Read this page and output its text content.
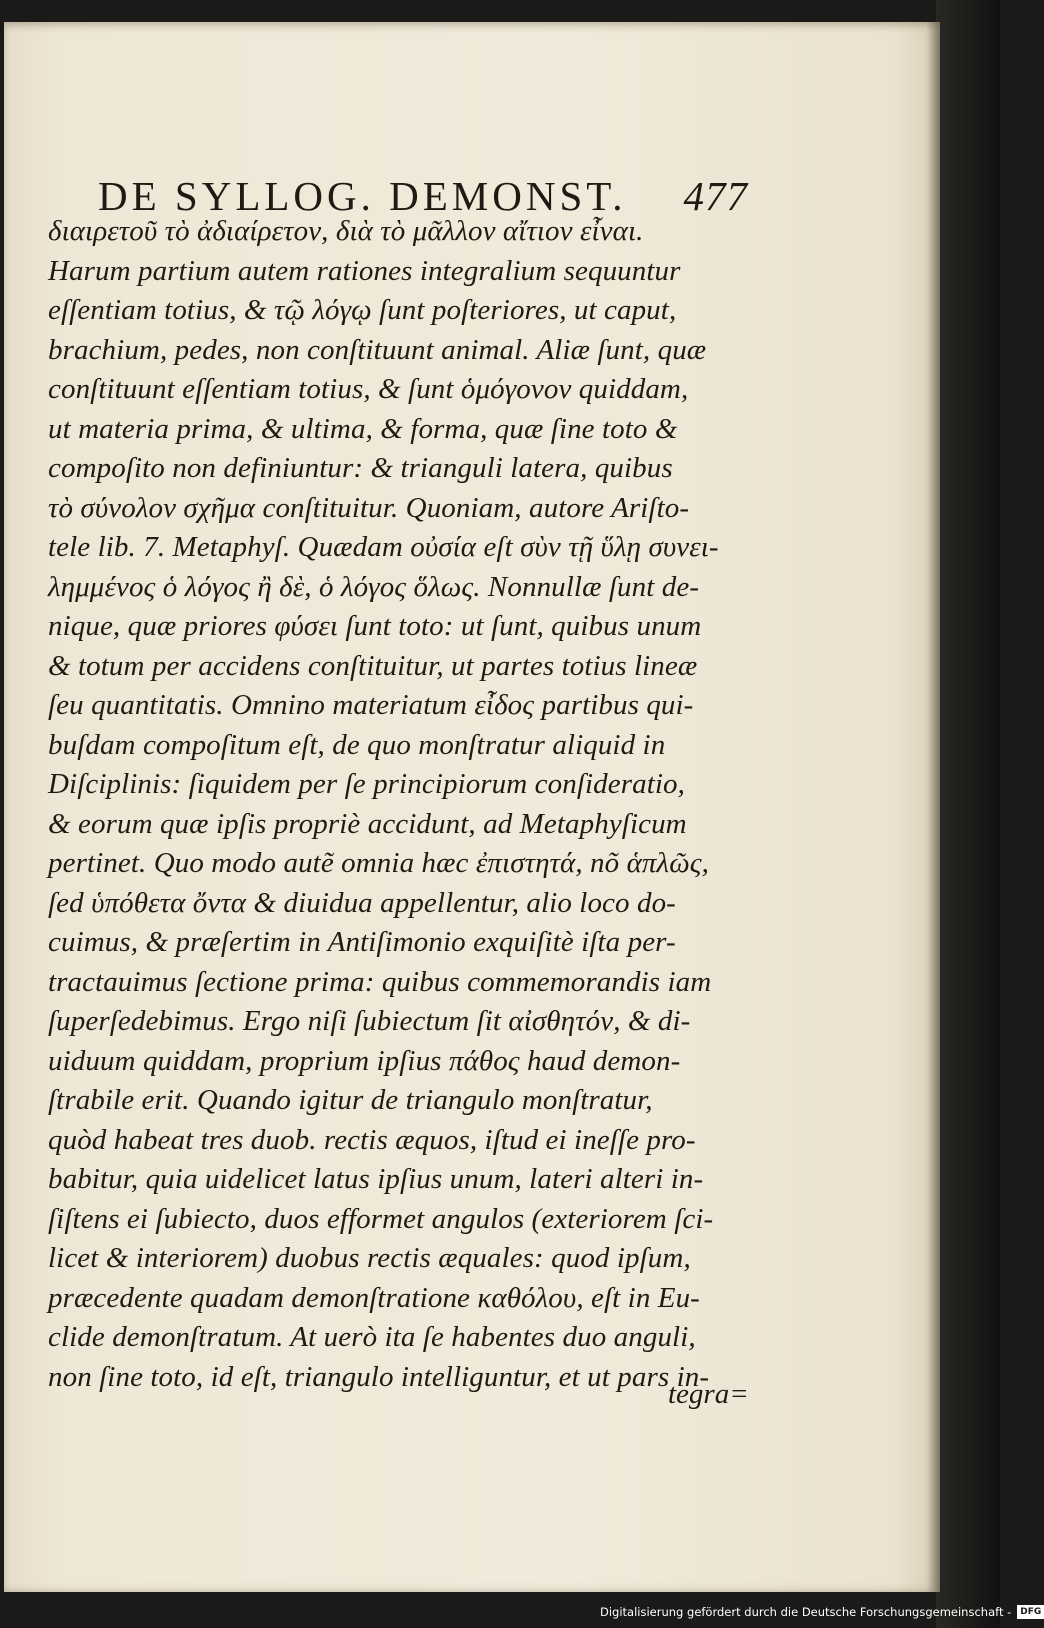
DE SYLLOG. DEMONST. 477
διαιρετοῦ τὸ ἀδιαίρετον, διὰ τὸ μᾶλλον αἴτιον εἶναι.
Harum partium autem rationes integralium sequuntur
eſſentiam totius, & τῷ λόγῳ ſunt poſteriores, ut caput,
brachium, pedes, non conſtituunt animal. Aliæ ſunt, quæ
conſtituunt eſſentiam totius, & ſunt ὁμόγονον quiddam,
ut materia prima, & ultima, & forma, quæ ſine toto &
compoſito non definiuntur: & trianguli latera, quibus
τὸ σύνολον σχῆμα conſtituitur. Quoniam, autore Ariſto-
tele lib. 7. Metaphyſ. Quædam οὐσία eſt σὺν τῇ ὕλῃ συνει-
λημμένος ὁ λόγος ἢ δὲ, ὁ λόγος ὅλως. Nonnullæ ſunt de-
nique, quæ priores φύσει ſunt toto: ut ſunt, quibus unum
& totum per accidens conſtituitur, ut partes totius lineæ
ſeu quantitatis. Omnino materiatum εἶδος partibus qui-
buſdam compoſitum eſt, de quo monſtratur aliquid in
Diſciplinis: ſiquidem per ſe principiorum conſideratio,
& eorum quæ ipſis propriè accidunt, ad Metaphyſicum
pertinet. Quo modo autẽ omnia hæc ἐπιστητά, nõ ἁπλῶς,
ſed ὑπόθετα ὄντα & diuidua appellentur, alio loco do-
cuimus, & præſertim in Antiſimonio exquiſitè iſta per-
tractauimus ſectione prima: quibus commemorandis iam
ſuperſedebimus. Ergo niſi ſubiectum ſit αἰσθητόν, & di-
uiduum quiddam, proprium ipſius πάθος haud demon-
ſtrabile erit. Quando igitur de triangulo monſtratur,
quòd habeat tres duob. rectis æquos, iſtud ei ineſſe pro-
babitur, quia uidelicet latus ipſius unum, lateri alteri in-
ſiſtens ei ſubiecto, duos efformet angulos (exteriorem ſci-
licet & interiorem) duobus rectis æquales: quod ipſum,
præcedente quadam demonſtratione καθόλου, eſt in Eu-
clide demonſtratum. At uerò ita ſe habentes duo anguli,
non ſine toto, id eſt, triangulo intelliguntur, et ut pars in-
tegra=
Digitalisierung gefördert durch die Deutsche Forschungsgemeinschaft -	DFG
